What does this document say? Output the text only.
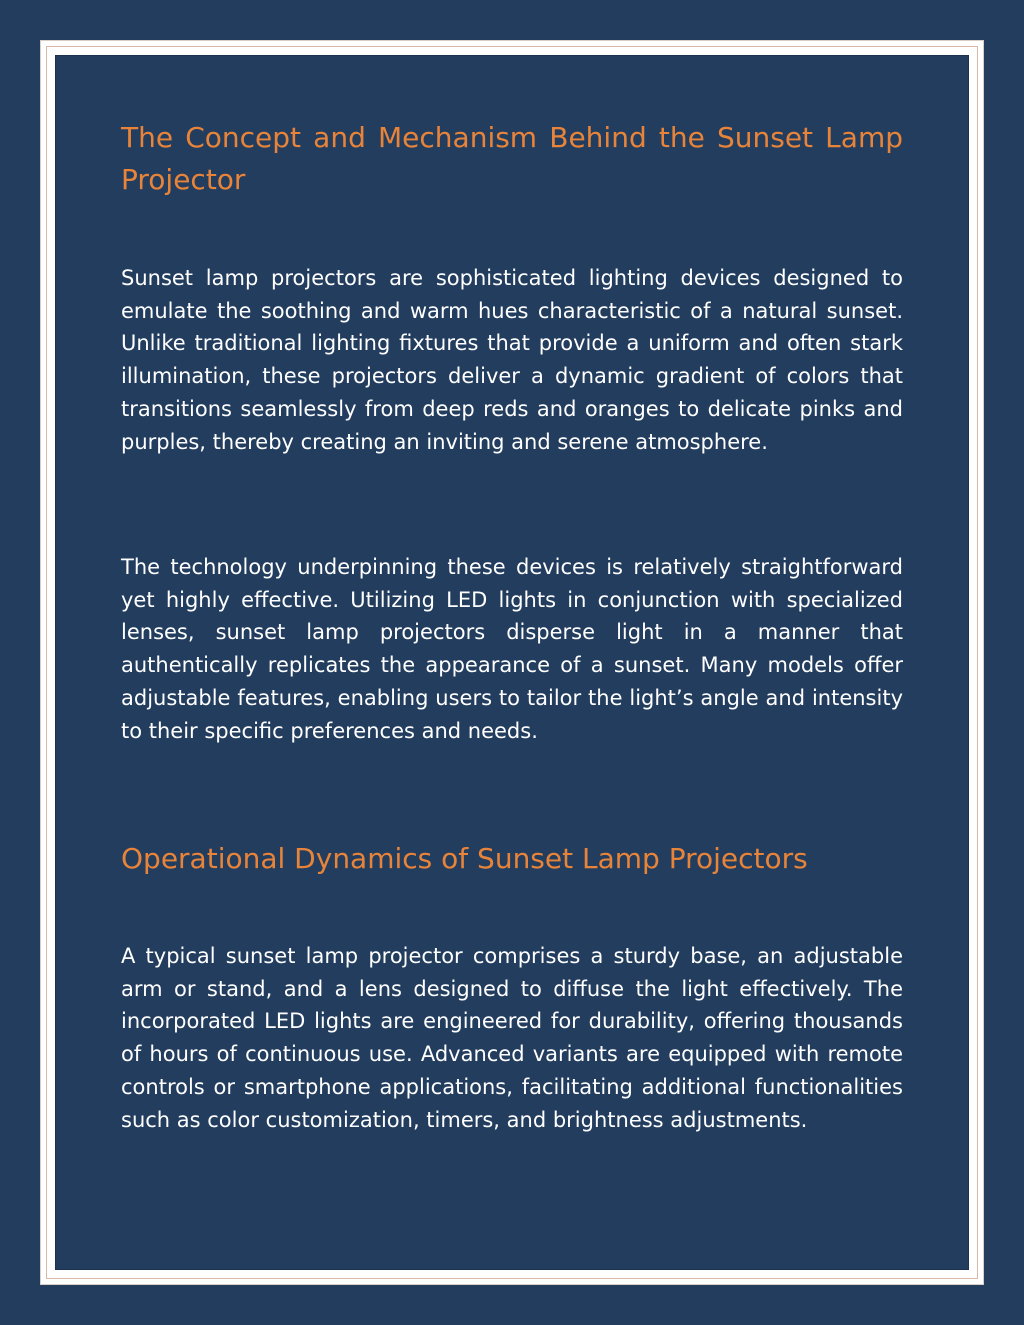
The Concept and Mechanism Behind the Sunset Lamp Projector

Sunset lamp projectors are sophisticated lighting devices designed to emulate the soothing and warm hues characteristic of a natural sunset. Unlike traditional lighting fixtures that provide a uniform and often stark illumination, these projectors deliver a dynamic gradient of colors that transitions seamlessly from deep reds and oranges to delicate pinks and purples, thereby creating an inviting and serene atmosphere.

The technology underpinning these devices is relatively straightforward yet highly effective. Utilizing LED lights in conjunction with specialized lenses, sunset lamp projectors disperse light in a manner that authentically replicates the appearance of a sunset. Many models offer adjustable features, enabling users to tailor the light’s angle and intensity to their specific preferences and needs.

Operational Dynamics of Sunset Lamp Projectors

A typical sunset lamp projector comprises a sturdy base, an adjustable arm or stand, and a lens designed to diffuse the light effectively. The incorporated LED lights are engineered for durability, offering thousands of hours of continuous use. Advanced variants are equipped with remote controls or smartphone applications, facilitating additional functionalities such as color customization, timers, and brightness adjustments.
